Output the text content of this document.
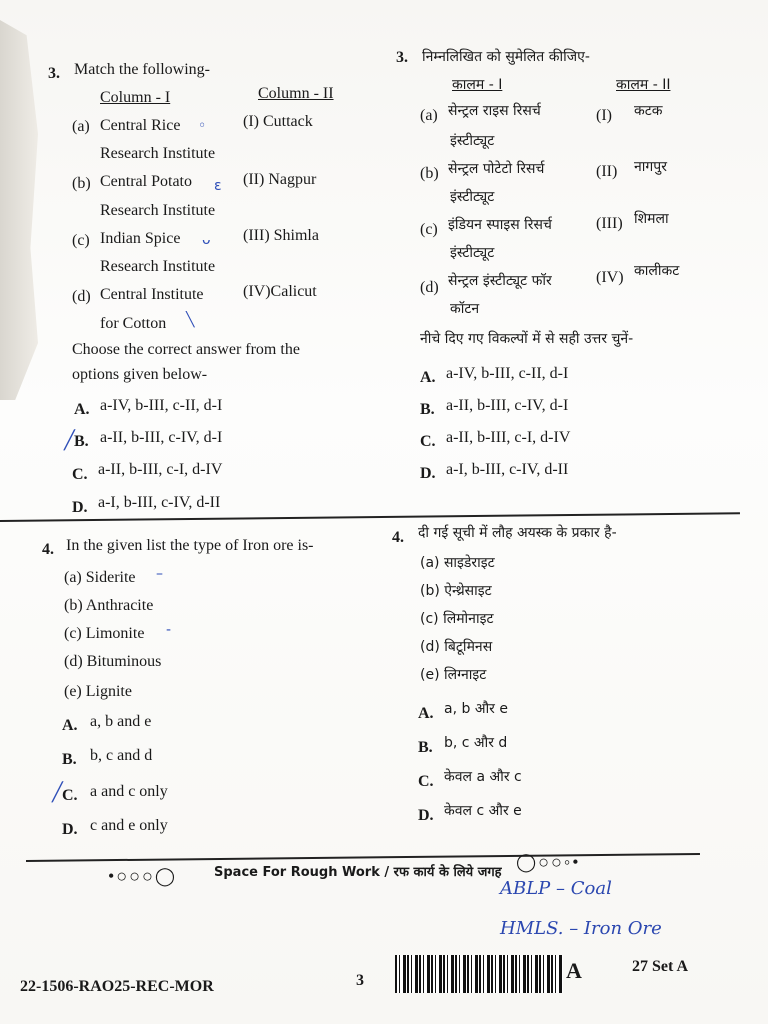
3. Match the following-
Column - I	Column - II
(a) Central Rice
Research Institute
(I) Cuttack
(b) Central Potato
Research Institute
(II) Nagpur
(c) Indian Spice
Research Institute
(III) Shimla
(d) Central Institute
for Cotton
(IV)Calicut
Choose the correct answer from the
options given below-
A. a-IV, b-III, c-II, d-I
B. a-II, b-III, c-IV, d-I
C. a-II, b-III, c-I, d-IV
D. a-I, b-III, c-IV, d-II
◦
ε
ᴗ
╲
╱
3. निम्नलिखित को सुमेलित कीजिए-
कालम - I	कालम - II
(a) सेन्ट्रल राइस रिसर्च
इंस्टीट्यूट
(I) कटक
(b) सेन्ट्रल पोटेटो रिसर्च
इंस्टीट्यूट
(II) नागपुर
(c) इंडियन स्पाइस रिसर्च
इंस्टीट्यूट
(III) शिमला
(d) सेन्ट्रल इंस्टीट्यूट फॉर
कॉटन
(IV) कालीकट
नीचे दिए गए विकल्पों में से सही उत्तर चुनें-
A. a-IV, b-III, c-II, d-I
B. a-II, b-III, c-IV, d-I
C. a-II, b-III, c-I, d-IV
D. a-I, b-III, c-IV, d-II
4. In the given list the type of Iron ore is-
(a) Siderite
(b) Anthracite
(c) Limonite
(d) Bituminous
(e) Lignite
–
-
A. a, b and e
B. b, c and d
C. a and c only
╱
D. c and e only
4. दी गई सूची में लौह अयस्क के प्रकार है-
(a) साइडेराइट
(b) ऐन्थ्रेसाइट
(c) लिमोनाइट
(d) बिटूमिनस
(e) लिग्नाइट
A. a, b और e
B. b, c और d
C. केवल a और c
D. केवल c और e
•○○○◯	Space For Rough Work / रफ कार्य के लिये जगह
◯○○◦•
ABLP – Coal
HMLS. – Iron Ore
22-1506-RAO25-REC-MOR	3	A	27 Set A
